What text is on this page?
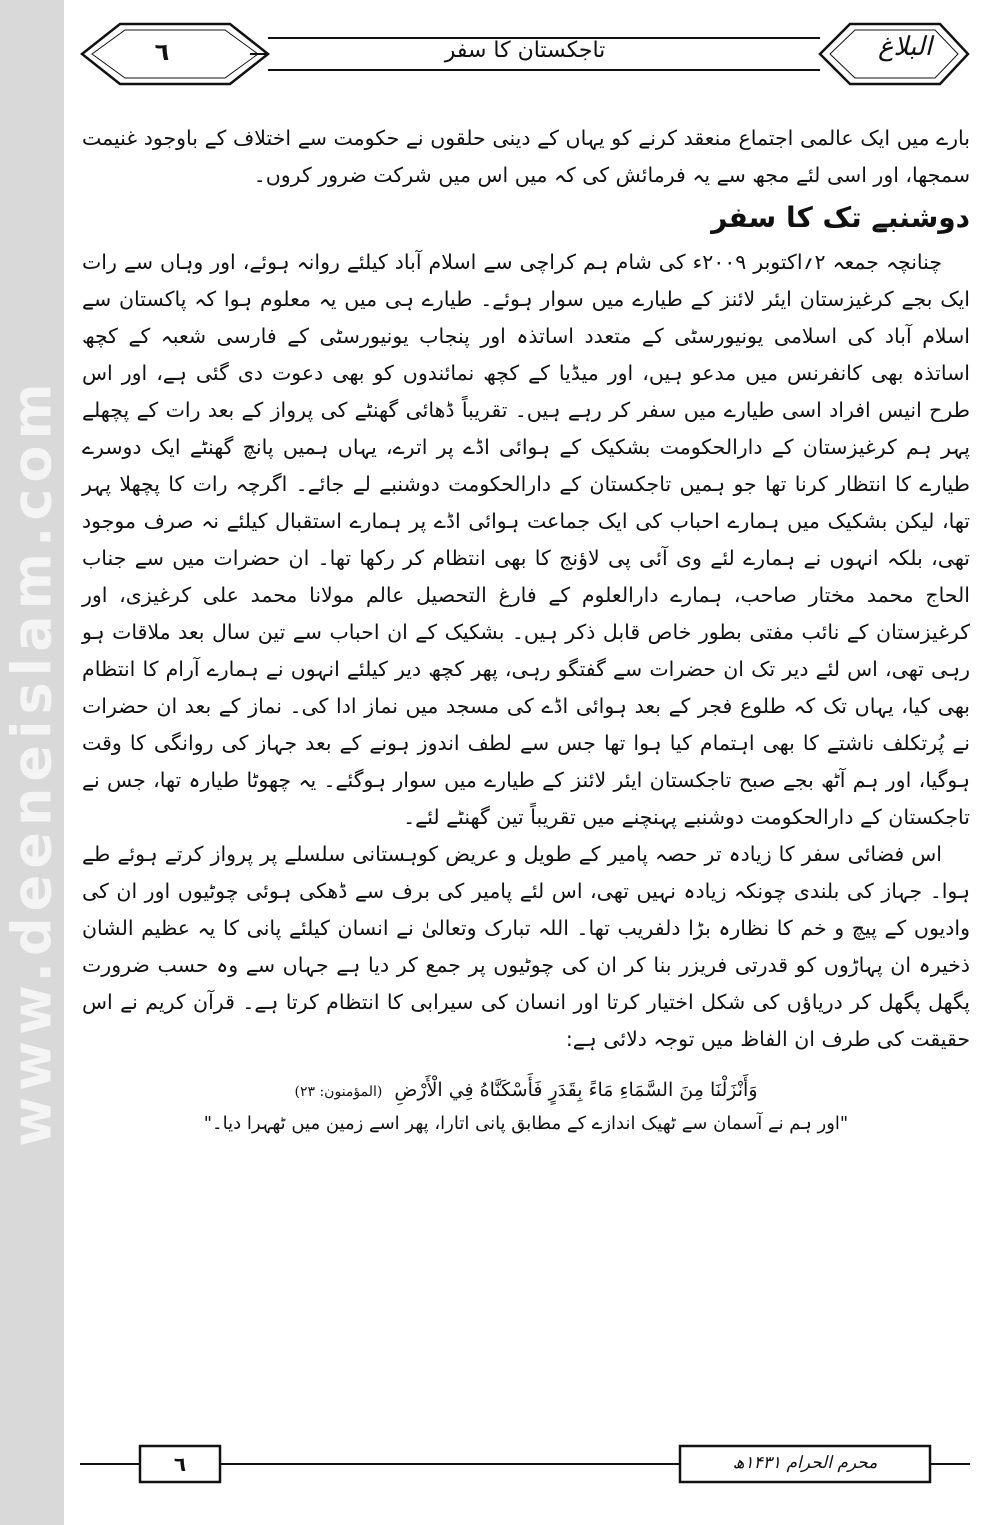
www.deeneislam.com
٦	تاجکستان کا سفر	البلاغ

بارے میں ایک عالمی اجتماع منعقد کرنے کو یہاں کے دینی حلقوں نے حکومت سے اختلاف کے باوجود غنیمت سمجھا، اور اسی لئے مجھ سے یہ فرمائش کی کہ میں اس میں شرکت ضرور کروں۔

دوشنبے تک کا سفر

چنانچہ جمعہ ۲؍اکتوبر ۲۰۰۹ء کی شام ہم کراچی سے اسلام آباد کیلئے روانہ ہوئے، اور وہاں سے رات ایک بجے کرغیزستان ایئر لائنز کے طیارے میں سوار ہوئے۔ طیارے ہی میں یہ معلوم ہوا کہ پاکستان سے اسلام آباد کی اسلامی یونیورسٹی کے متعدد اساتذہ اور پنجاب یونیورسٹی کے فارسی شعبہ کے کچھ اساتذہ بھی کانفرنس میں مدعو ہیں، اور میڈیا کے کچھ نمائندوں کو بھی دعوت دی گئی ہے، اور اس طرح انیس افراد اسی طیارے میں سفر کر رہے ہیں۔ تقریباً ڈھائی گھنٹے کی پرواز کے بعد رات کے پچھلے پہر ہم کرغیزستان کے دارالحکومت بشکیک کے ہوائی اڈے پر اترے، یہاں ہمیں پانچ گھنٹے ایک دوسرے طیارے کا انتظار کرنا تھا جو ہمیں تاجکستان کے دارالحکومت دوشنبے لے جائے۔ اگرچہ رات کا پچھلا پہر تھا، لیکن بشکیک میں ہمارے احباب کی ایک جماعت ہوائی اڈے پر ہمارے استقبال کیلئے نہ صرف موجود تھی، بلکہ انہوں نے ہمارے لئے وی آئی پی لاؤنج کا بھی انتظام کر رکھا تھا۔ ان حضرات میں سے جناب الحاج محمد مختار صاحب، ہمارے دارالعلوم کے فارغ التحصیل عالم مولانا محمد علی کرغیزی، اور کرغیزستان کے نائب مفتی بطور خاص قابل ذکر ہیں۔ بشکیک کے ان احباب سے تین سال بعد ملاقات ہو رہی تھی، اس لئے دیر تک ان حضرات سے گفتگو رہی، پھر کچھ دیر کیلئے انہوں نے ہمارے آرام کا انتظام بھی کیا، یہاں تک کہ طلوع فجر کے بعد ہوائی اڈے کی مسجد میں نماز ادا کی۔ نماز کے بعد ان حضرات نے پُرتکلف ناشتے کا بھی اہتمام کیا ہوا تھا جس سے لطف اندوز ہونے کے بعد جہاز کی روانگی کا وقت ہوگیا، اور ہم آٹھ بجے صبح تاجکستان ایئر لائنز کے طیارے میں سوار ہوگئے۔ یہ چھوٹا طیارہ تھا، جس نے تاجکستان کے دارالحکومت دوشنبے پہنچنے میں تقریباً تین گھنٹے لئے۔

اس فضائی سفر کا زیادہ تر حصہ پامیر کے طویل و عریض کوہستانی سلسلے پر پرواز کرتے ہوئے طے ہوا۔ جہاز کی بلندی چونکہ زیادہ نہیں تھی، اس لئے پامیر کی برف سے ڈھکی ہوئی چوٹیوں اور ان کی وادیوں کے پیچ و خم کا نظارہ بڑا دلفریب تھا۔ اللہ تبارک وتعالیٰ نے انسان کیلئے پانی کا یہ عظیم الشان ذخیرہ ان پہاڑوں کو قدرتی فریزر بنا کر ان کی چوٹیوں پر جمع کر دیا ہے جہاں سے وہ حسب ضرورت پگھل پگھل کر دریاؤں کی شکل اختیار کرتا اور انسان کی سیرابی کا انتظام کرتا ہے۔ قرآن کریم نے اس حقیقت کی طرف ان الفاظ میں توجہ دلائی ہے:

وَأَنْزَلْنَا مِنَ السَّمَاءِ مَاءً بِقَدَرٍ فَأَسْكَنَّاهُ فِي الْأَرْضِ (المؤمنون: ۲۳)
"اور ہم نے آسمان سے ٹھیک اندازے کے مطابق پانی اتارا، پھر اسے زمین میں ٹھہرا دیا۔"
٦	محرم الحرام ۱۴۳۱ھ
